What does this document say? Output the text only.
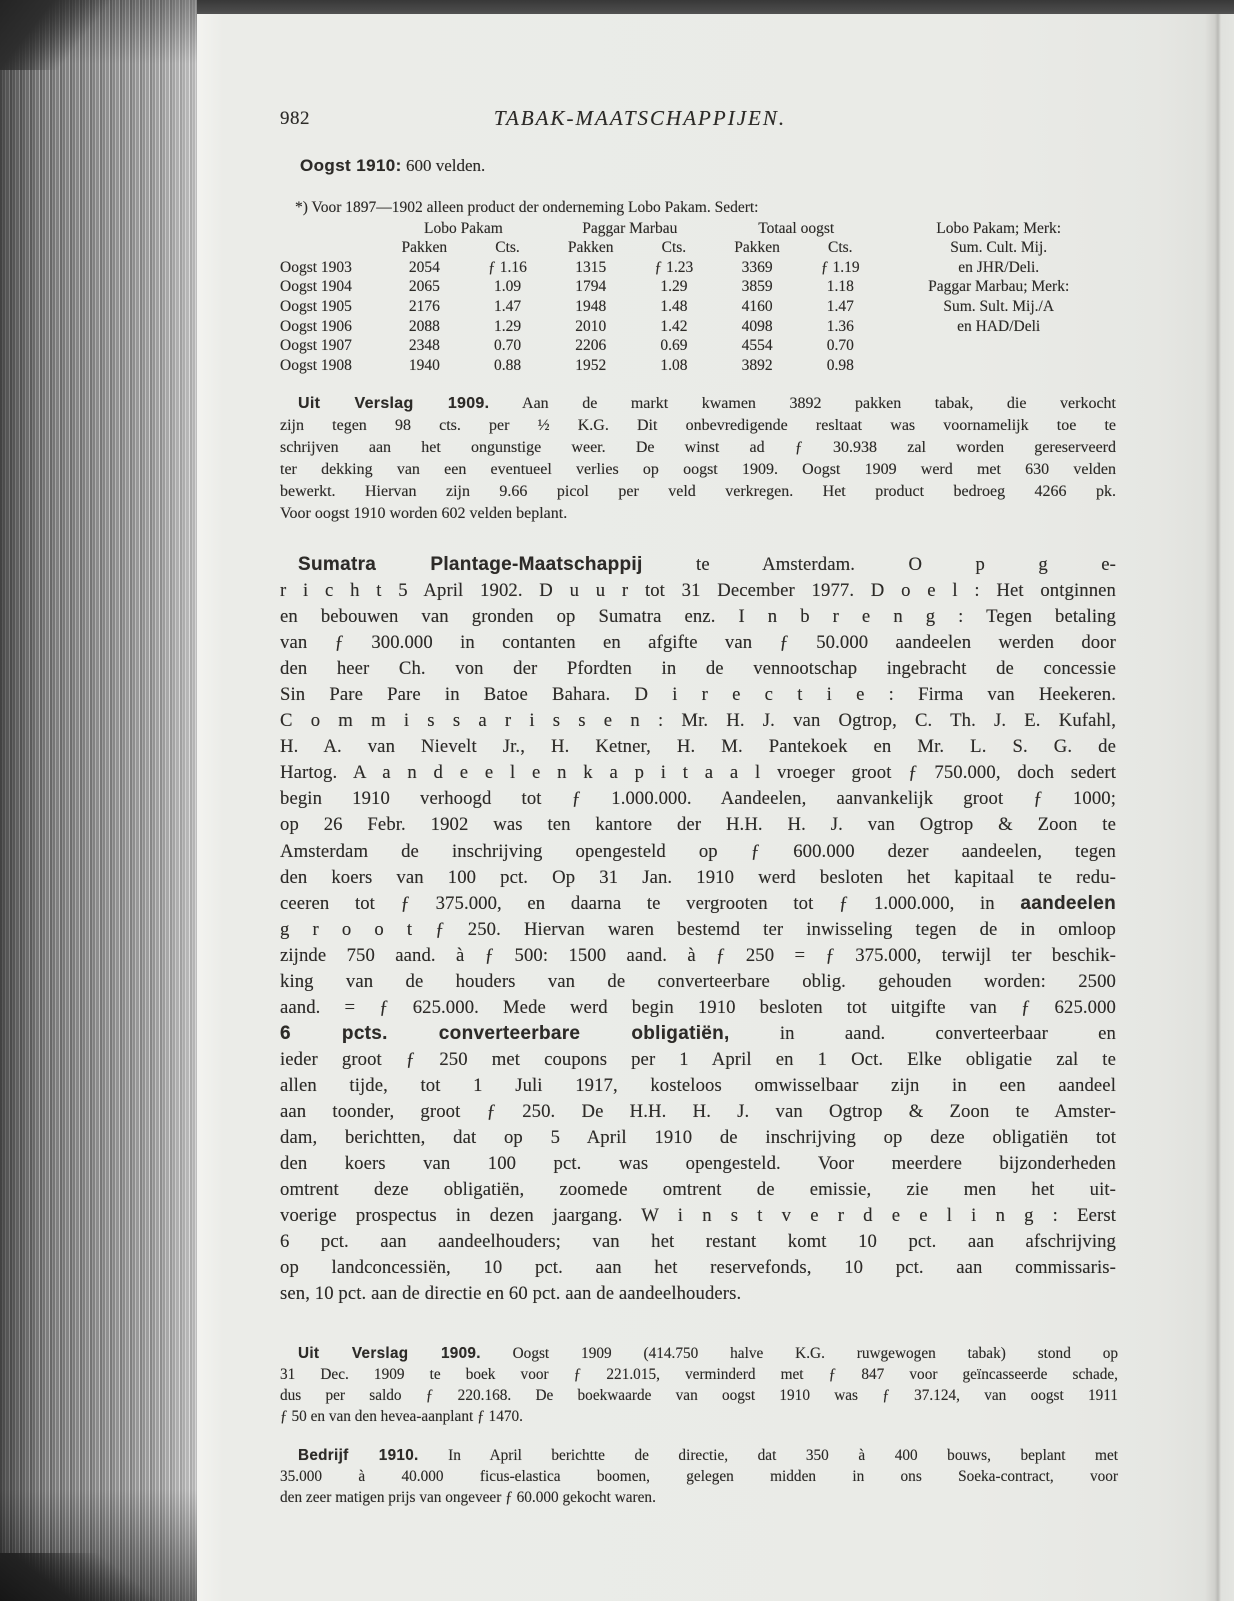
982	TABAK-MAATSCHAPPIJEN.
Oogst 1910: 600 velden.
*) Voor 1897—1902 alleen product der onderneming Lobo Pakam. Sedert:
	Lobo Pakam		Paggar Marbau		Totaal oogst		Lobo Pakam; Merk:
	Pakken	Cts.	Pakken	Cts.	Pakken	Cts.	Sum. Cult. Mij.
Oogst 1903	2054	ƒ 1.16	1315	ƒ 1.23	3369	ƒ 1.19	en JHR/Deli.
Oogst 1904	2065	1.09	1794	1.29	3859	1.18	Paggar Marbau; Merk:
Oogst 1905	2176	1.47	1948	1.48	4160	1.47	Sum. Sult. Mij./A
Oogst 1906	2088	1.29	2010	1.42	4098	1.36	en HAD/Deli
Oogst 1907	2348	0.70	2206	0.69	4554	0.70	
Oogst 1908	1940	0.88	1952	1.08	3892	0.98	
Uit Verslag 1909. Aan de markt kwamen 3892 pakken tabak, die verkocht
zijn tegen 98 cts. per ½ K.G. Dit onbevredigende resltaat was voornamelijk toe te
schrijven aan het ongunstige weer. De winst ad ƒ 30.938 zal worden gereserveerd
ter dekking van een eventueel verlies op oogst 1909. Oogst 1909 werd met 630 velden
bewerkt. Hiervan zijn 9.66 picol per veld verkregen. Het product bedroeg 4266 pk.
Voor oogst 1910 worden 602 velden beplant.
Sumatra Plantage-Maatschappij te Amsterdam. O p g e-
r i c h t 5 April 1902. D u u r tot 31 December 1977. D o e l : Het ontginnen
en bebouwen van gronden op Sumatra enz. I n b r e n g : Tegen betaling
van ƒ 300.000 in contanten en afgifte van ƒ 50.000 aandeelen werden door
den heer Ch. von der Pfordten in de vennootschap ingebracht de concessie
Sin Pare Pare in Batoe Bahara. D i r e c t i e : Firma van Heekeren.
C o m m i s s a r i s s e n : Mr. H. J. van Ogtrop, C. Th. J. E. Kufahl,
H. A. van Nievelt Jr., H. Ketner, H. M. Pantekoek en Mr. L. S. G. de
Hartog. A a n d e e l e n k a p i t a a l vroeger groot ƒ 750.000, doch sedert
begin 1910 verhoogd tot ƒ 1.000.000. Aandeelen, aanvankelijk groot ƒ 1000;
op 26 Febr. 1902 was ten kantore der H.H. H. J. van Ogtrop & Zoon te
Amsterdam de inschrijving opengesteld op ƒ 600.000 dezer aandeelen, tegen
den koers van 100 pct. Op 31 Jan. 1910 werd besloten het kapitaal te redu-
ceeren tot ƒ 375.000, en daarna te vergrooten tot ƒ 1.000.000, in aandeelen
g r o o t ƒ 250. Hiervan waren bestemd ter inwisseling tegen de in omloop
zijnde 750 aand. à ƒ 500: 1500 aand. à ƒ 250 = ƒ 375.000, terwijl ter beschik-
king van de houders van de converteerbare oblig. gehouden worden: 2500
aand. = ƒ 625.000. Mede werd begin 1910 besloten tot uitgifte van ƒ 625.000
6 pcts. converteerbare obligatiën, in aand. converteerbaar en
ieder groot ƒ 250 met coupons per 1 April en 1 Oct. Elke obligatie zal te
allen tijde, tot 1 Juli 1917, kosteloos omwisselbaar zijn in een aandeel
aan toonder, groot ƒ 250. De H.H. H. J. van Ogtrop & Zoon te Amster-
dam, berichtten, dat op 5 April 1910 de inschrijving op deze obligatiën tot
den koers van 100 pct. was opengesteld. Voor meerdere bijzonderheden
omtrent deze obligatiën, zoomede omtrent de emissie, zie men het uit-
voerige prospectus in dezen jaargang. W i n s t v e r d e e l i n g : Eerst
6 pct. aan aandeelhouders; van het restant komt 10 pct. aan afschrijving
op landconcessiën, 10 pct. aan het reservefonds, 10 pct. aan commissaris-
sen, 10 pct. aan de directie en 60 pct. aan de aandeelhouders.
Uit Verslag 1909. Oogst 1909 (414.750 halve K.G. ruwgewogen tabak) stond op
31 Dec. 1909 te boek voor ƒ 221.015, verminderd met ƒ 847 voor geïncasseerde schade,
dus per saldo ƒ 220.168. De boekwaarde van oogst 1910 was ƒ 37.124, van oogst 1911
ƒ 50 en van den hevea-aanplant ƒ 1470.
Bedrijf 1910. In April berichtte de directie, dat 350 à 400 bouws, beplant met
35.000 à 40.000 ficus-elastica boomen, gelegen midden in ons Soeka-contract, voor
den zeer matigen prijs van ongeveer ƒ 60.000 gekocht waren.
